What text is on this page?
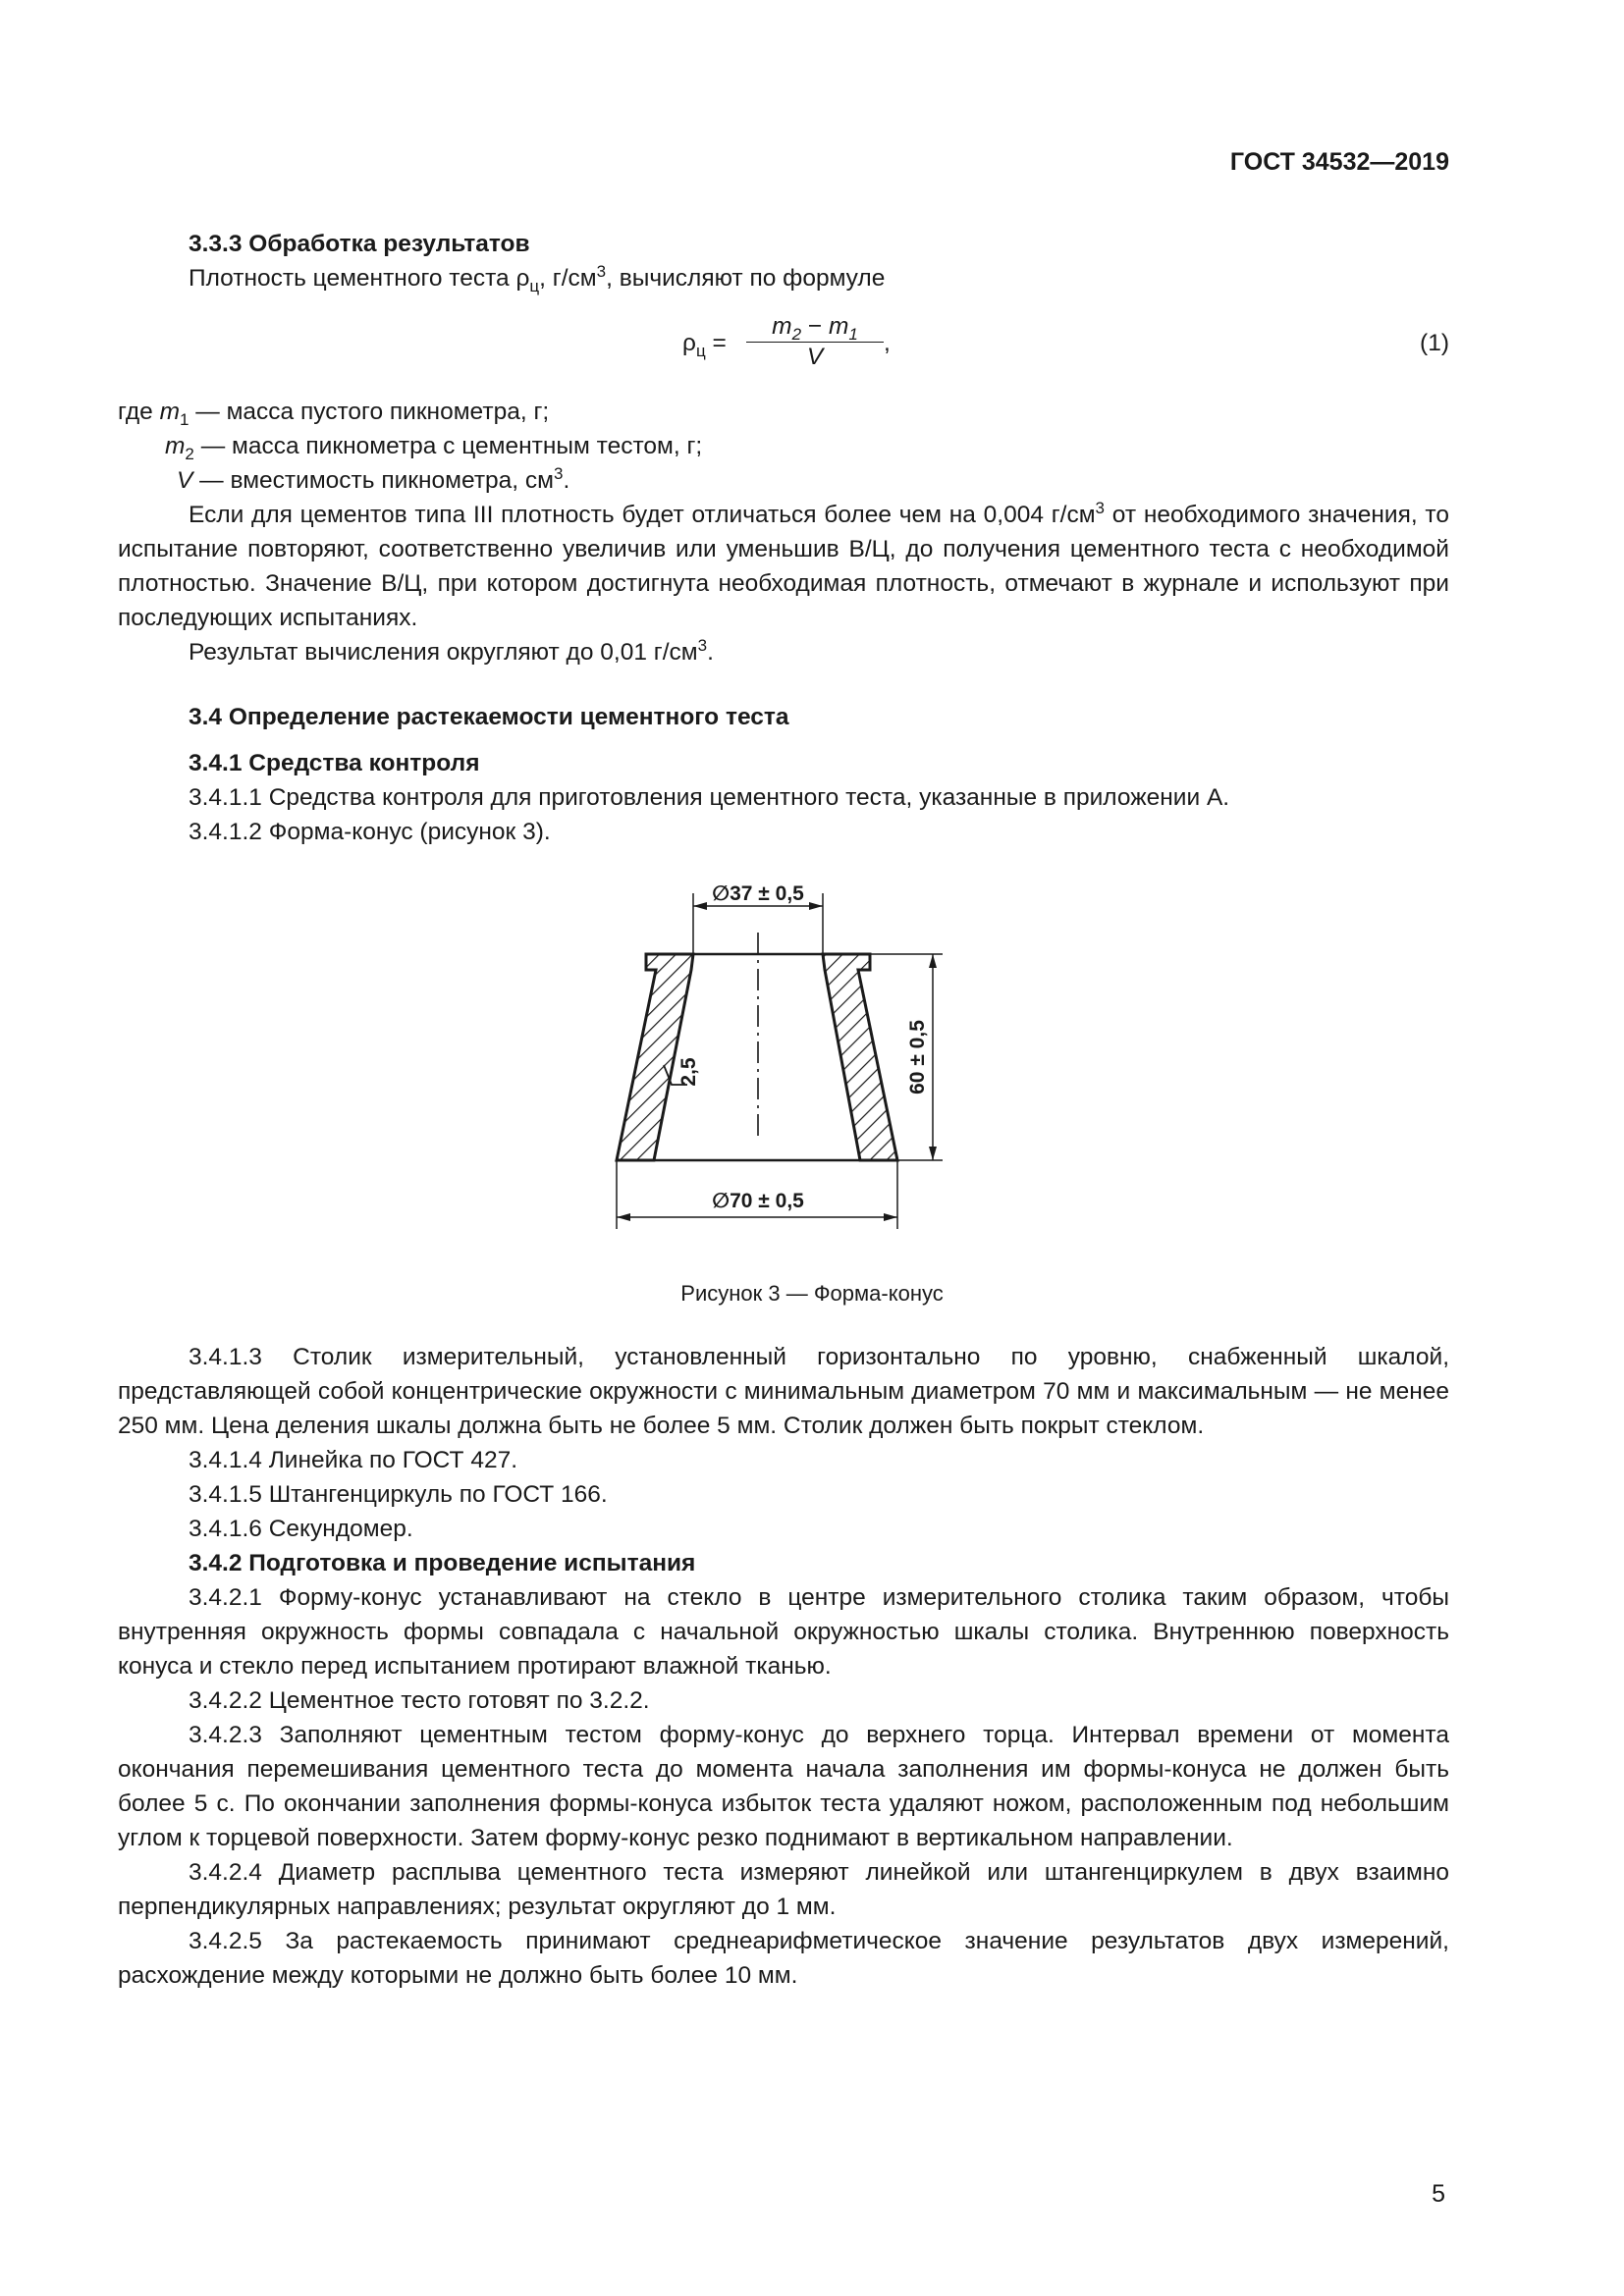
ГОСТ 34532—2019

3.3.3 Обработка результатов

Плотность цементного теста $\rho_ц$, $г/см^3$, вычисляют по формуле

$\rho_ц = \frac{m_2 - m_1}{V}$ ,	(1)

где $m_1$ — масса пустого пикнометра, г;

$m_2$ — масса пикнометра с цементным тестом, г;

V — вместимость пикнометра, $см^3$.

Если для цементов типа III плотность будет отличаться более чем на 0,004 $г/см^3$ от необходимого значения, то испытание повторяют, соответственно увеличив или уменьшив В/Ц, до получения цементного теста с необходимой плотностью. Значение В/Ц, при котором достигнута необходимая плотность, отмечают в журнале и используют при последующих испытаниях.

Результат вычисления округляют до 0,01 $г/см^3$.

3.4 Определение растекаемости цементного теста

3.4.1 Средства контроля

3.4.1.1 Средства контроля для приготовления цементного теста, указанные в приложении А.

3.4.1.2 Форма-конус (рисунок 3).

∅37 ± 0,5
60 ± 0,5
2,5
∅70 ± 0,5
Рисунок 3 — Форма-конус

3.4.1.3 Столик измерительный, установленный горизонтально по уровню, снабженный шкалой, представляющей собой концентрические окружности с минимальным диаметром 70 мм и максимальным — не менее 250 мм. Цена деления шкалы должна быть не более 5 мм. Столик должен быть покрыт стеклом.

3.4.1.4 Линейка по ГОСТ 427.

3.4.1.5 Штангенциркуль по ГОСТ 166.

3.4.1.6 Секундомер.

3.4.2 Подготовка и проведение испытания

3.4.2.1 Форму-конус устанавливают на стекло в центре измерительного столика таким образом, чтобы внутренняя окружность формы совпадала с начальной окружностью шкалы столика. Внутреннюю поверхность конуса и стекло перед испытанием протирают влажной тканью.

3.4.2.2 Цементное тесто готовят по 3.2.2.

3.4.2.3 Заполняют цементным тестом форму-конус до верхнего торца. Интервал времени от момента окончания перемешивания цементного теста до момента начала заполнения им формы-конуса не должен быть более 5 с. По окончании заполнения формы-конуса избыток теста удаляют ножом, расположенным под небольшим углом к торцевой поверхности. Затем форму-конус резко поднимают в вертикальном направлении.

3.4.2.4 Диаметр расплыва цементного теста измеряют линейкой или штангенциркулем в двух взаимно перпендикулярных направлениях; результат округляют до 1 мм.

3.4.2.5 За растекаемость принимают среднеарифметическое значение результатов двух измерений, расхождение между которыми не должно быть более 10 мм.

5
